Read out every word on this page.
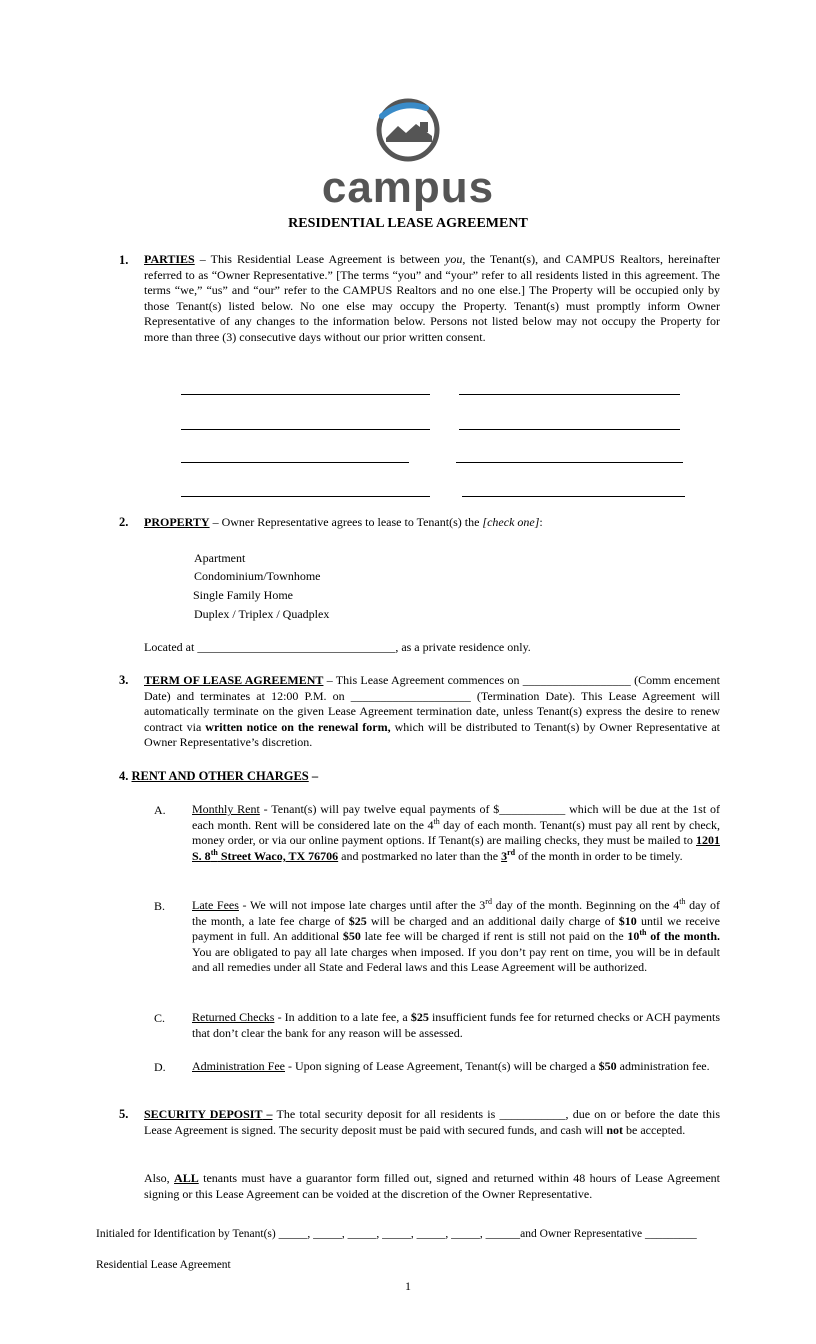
campus
RESIDENTIAL LEASE AGREEMENT
1. PARTIES – This Residential Lease Agreement is between you, the Tenant(s), and CAMPUS Realtors, hereinafter referred to as “Owner Representative.” [The terms “you” and “your” refer to all residents listed in this agreement. The terms “we,” “us” and “our” refer to the CAMPUS Realtors and no one else.] The Property will be occupied only by those Tenant(s) listed below. No one else may occupy the Property. Tenant(s) must promptly inform Owner Representative of any changes to the information below. Persons not listed below may not occupy the Property for more than three (3) consecutive days without our prior written consent.
2. PROPERTY – Owner Representative agrees to lease to Tenant(s) the [check one]:
Apartment
Condominium/Townhome
Single Family Home
Duplex / Triplex / Quadplex
Located at _________________________________, as a private residence only.
3. TERM OF LEASE AGREEMENT – This Lease Agreement commences on __________________ (Comm encement Date) and terminates at 12:00 P.M. on ____________________ (Termination Date). This Lease Agreement will automatically terminate on the given Lease Agreement termination date, unless Tenant(s) express the desire to renew contract via written notice on the renewal form, which will be distributed to Tenant(s) by Owner Representative at Owner Representative’s discretion.
4. RENT AND OTHER CHARGES –
A. Monthly Rent - Tenant(s) will pay twelve equal payments of $___________ which will be due at the 1st of each month. Rent will be considered late on the 4th day of each month. Tenant(s) must pay all rent by check, money order, or via our online payment options. If Tenant(s) are mailing checks, they must be mailed to 1201 S. 8th Street Waco, TX 76706 and postmarked no later than the 3rd of the month in order to be timely.
B. Late Fees - We will not impose late charges until after the 3rd day of the month. Beginning on the 4th day of the month, a late fee charge of $25 will be charged and an additional daily charge of $10 until we receive payment in full. An additional $50 late fee will be charged if rent is still not paid on the 10th of the month. You are obligated to pay all late charges when imposed. If you don’t pay rent on time, you will be in default and all remedies under all State and Federal laws and this Lease Agreement will be authorized.
C. Returned Checks - In addition to a late fee, a $25 insufficient funds fee for returned checks or ACH payments that don’t clear the bank for any reason will be assessed.
D. Administration Fee - Upon signing of Lease Agreement, Tenant(s) will be charged a $50 administration fee.
5. SECURITY DEPOSIT – The total security deposit for all residents is ___________, due on or before the date this Lease Agreement is signed. The security deposit must be paid with secured funds, and cash will not be accepted.
Also, ALL tenants must have a guarantor form filled out, signed and returned within 48 hours of Lease Agreement signing or this Lease Agreement can be voided at the discretion of the Owner Representative.
Initialed for Identification by Tenant(s) _____, _____, _____, _____, _____, _____, ______and Owner Representative _________
Residential Lease Agreement
1
